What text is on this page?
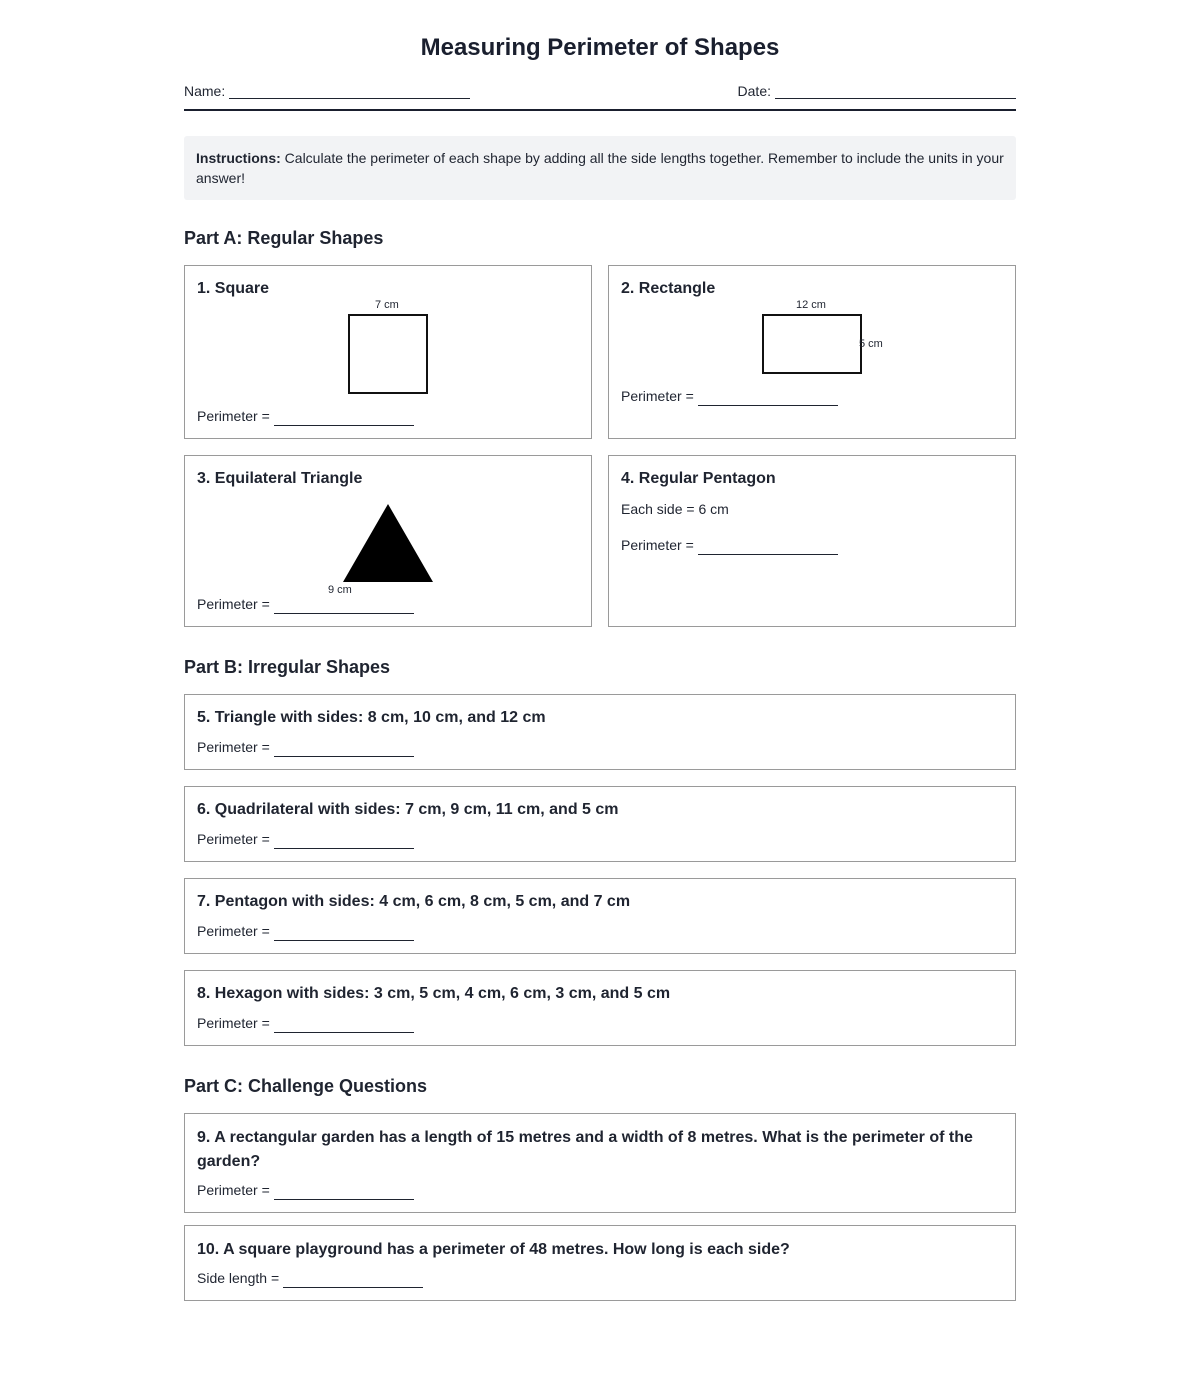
Measuring Perimeter of Shapes
Name:	Date:
Instructions: Calculate the perimeter of each shape by adding all the side lengths together. Remember to include the units in your answer!
Part A: Regular Shapes
1. Square
7 cm
Perimeter =
2. Rectangle
12 cm
5 cm
Perimeter =
3. Equilateral Triangle
9 cm
Perimeter =
4. Regular Pentagon
Each side = 6 cm
Perimeter =
Part B: Irregular Shapes
5. Triangle with sides: 8 cm, 10 cm, and 12 cm
Perimeter =
6. Quadrilateral with sides: 7 cm, 9 cm, 11 cm, and 5 cm
Perimeter =
7. Pentagon with sides: 4 cm, 6 cm, 8 cm, 5 cm, and 7 cm
Perimeter =
8. Hexagon with sides: 3 cm, 5 cm, 4 cm, 6 cm, 3 cm, and 5 cm
Perimeter =
Part C: Challenge Questions
9. A rectangular garden has a length of 15 metres and a width of 8 metres. What is the perimeter of the garden?
Perimeter =
10. A square playground has a perimeter of 48 metres. How long is each side?
Side length =
